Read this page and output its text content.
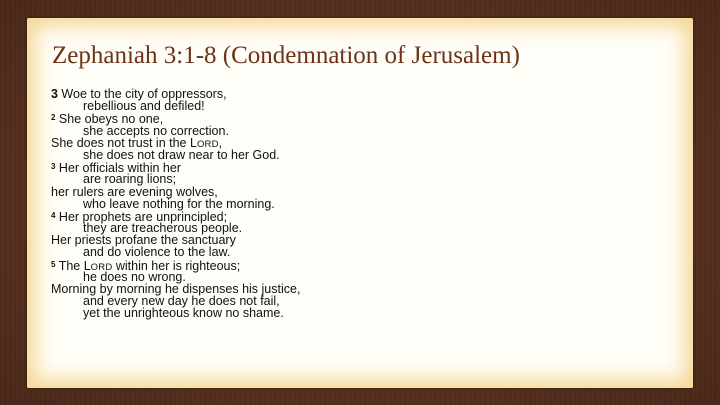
Zephaniah 3:1-8 (Condemnation of Jerusalem)
3 Woe to the city of oppressors,
rebellious and defiled!
$^2$ She obeys no one,
she accepts no correction.
She does not trust in the LORD,
she does not draw near to her God.
$^3$ Her officials within her
are roaring lions;
her rulers are evening wolves,
who leave nothing for the morning.
$^4$ Her prophets are unprincipled;
they are treacherous people.
Her priests profane the sanctuary
and do violence to the law.
$^5$ The LORD within her is righteous;
he does no wrong.
Morning by morning he dispenses his justice,
and every new day he does not fail,
yet the unrighteous know no shame.
